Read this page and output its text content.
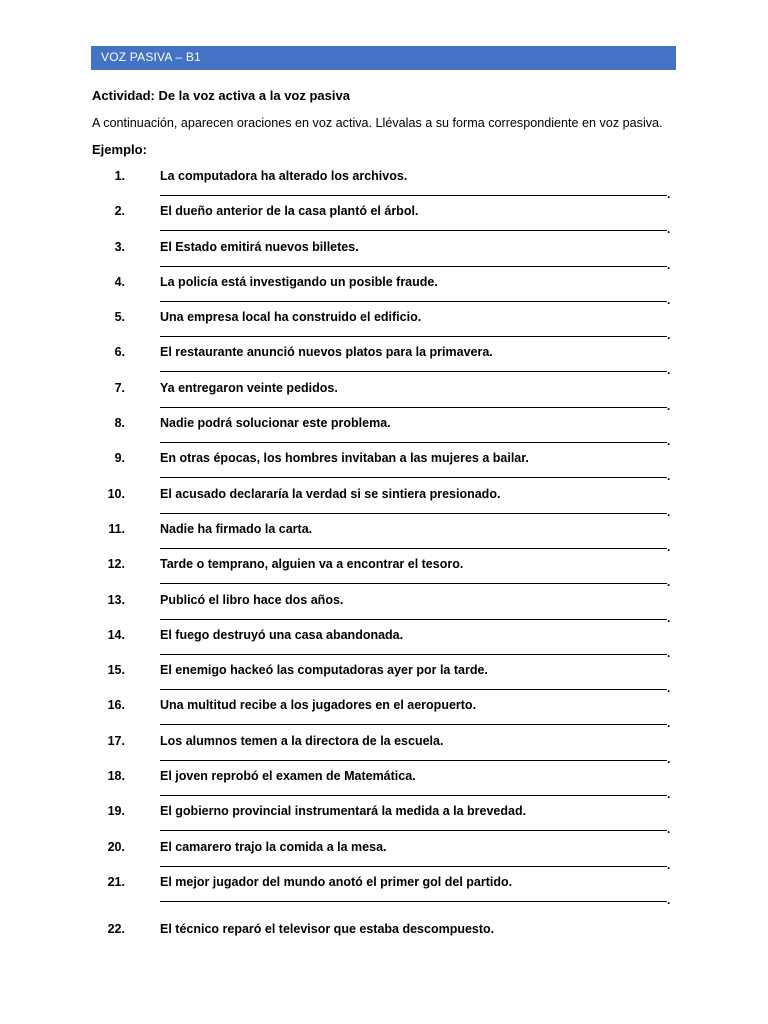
VOZ PASIVA – B1
Actividad: De la voz activa a la voz pasiva
A continuación, aparecen oraciones en voz activa. Llévalas a su forma correspondiente en voz pasiva.
Ejemplo:
1.	La computadora ha alterado los archivos.
.
2.	El dueño anterior de la casa plantó el árbol.
.
3.	El Estado emitirá nuevos billetes.
.
4.	La policía está investigando un posible fraude.
.
5.	Una empresa local ha construido el edificio.
.
6.	El restaurante anunció nuevos platos para la primavera.
.
7.	Ya entregaron veinte pedidos.
.
8.	Nadie podrá solucionar este problema.
.
9.	En otras épocas, los hombres invitaban a las mujeres a bailar.
.
10.	El acusado declararía la verdad si se sintiera presionado.
.
11.	Nadie ha firmado la carta.
.
12.	Tarde o temprano, alguien va a encontrar el tesoro.
.
13.	Publicó el libro hace dos años.
.
14.	El fuego destruyó una casa abandonada.
.
15.	El enemigo hackeó las computadoras ayer por la tarde.
.
16.	Una multitud recibe a los jugadores en el aeropuerto.
.
17.	Los alumnos temen a la directora de la escuela.
.
18.	El joven reprobó el examen de Matemática.
.
19.	El gobierno provincial instrumentará la medida a la brevedad.
.
20.	El camarero trajo la comida a la mesa.
.
21.	El mejor jugador del mundo anotó el primer gol del partido.
.
22.	El técnico reparó el televisor que estaba descompuesto.
